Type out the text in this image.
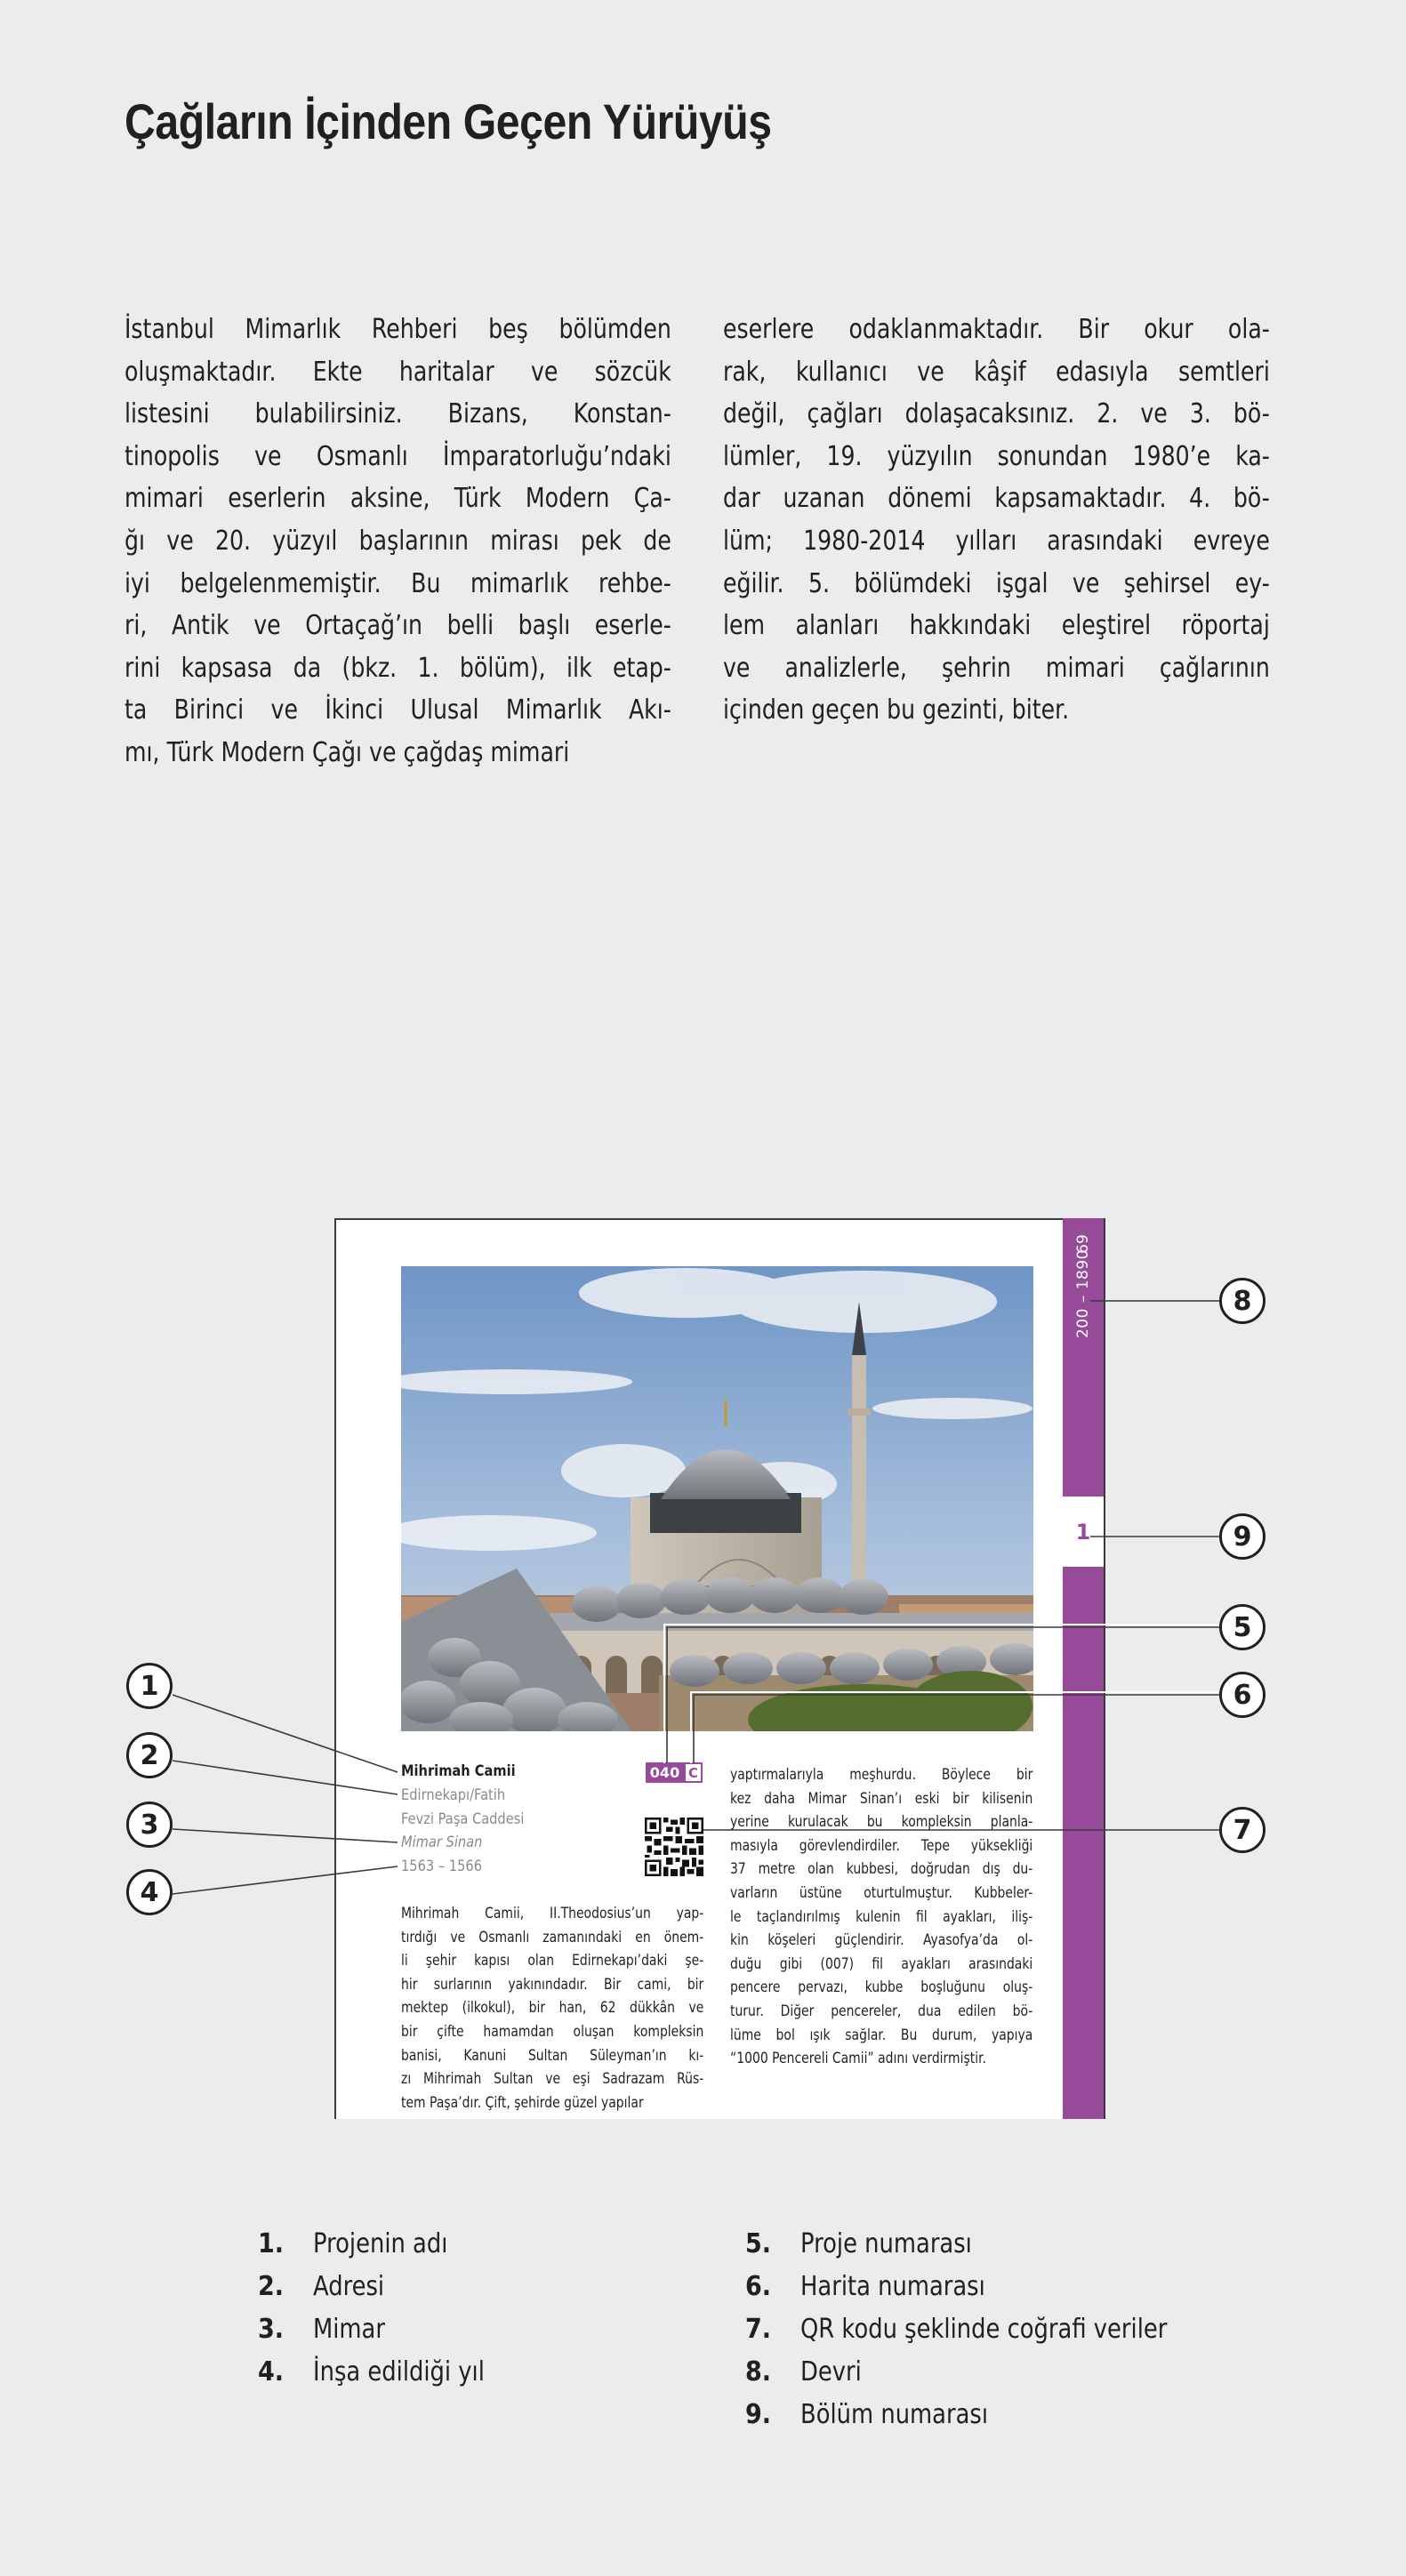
Çağların İçinden Geçen Yürüyüş
İstanbul Mimarlık Rehberi beş bölümden
oluşmaktadır. Ekte haritalar ve sözcük
listesini bulabilirsiniz. Bizans, Konstan-
tinopolis ve Osmanlı İmparatorluğu’ndaki
mimari eserlerin aksine, Türk Modern Ça-
ğı ve 20. yüzyıl başlarının mirası pek de
iyi belgelenmemiştir. Bu mimarlık rehbe-
ri, Antik ve Ortaçağ’ın belli başlı eserle-
rini kapsasa da (bkz. 1. bölüm), ilk etap-
ta Birinci ve İkinci Ulusal Mimarlık Akı-
mı, Türk Modern Çağı ve çağdaş mimari
eserlere odaklanmaktadır. Bir okur ola-
rak, kullanıcı ve kâşif edasıyla semtleri
değil, çağları dolaşacaksınız. 2. ve 3. bö-
lümler, 19. yüzyılın sonundan 1980’e ka-
dar uzanan dönemi kapsamaktadır. 4. bö-
lüm; 1980-2014 yılları arasındaki evreye
eğilir. 5. bölümdeki işgal ve şehirsel ey-
lem alanları hakkındaki eleştirel röportaj
ve analizlerle, şehrin mimari çağlarının
içinden geçen bu gezinti, biter.
69
200 – 1890
1
Mihrimah Camii
Edirnekapı/Fatih
Fevzi Paşa Caddesi
Mimar Sinan
1563 – 1566
040 C
Mihrimah Camii, II.Theodosius’un yap-
tırdığı ve Osmanlı zamanındaki en önem-
li şehir kapısı olan Edirnekapı’daki şe-
hir surlarının yakınındadır. Bir cami, bir
mektep (ilkokul), bir han, 62 dükkân ve
bir çifte hamamdan oluşan kompleksin
banisi, Kanuni Sultan Süleyman’ın kı-
zı Mihrimah Sultan ve eşi Sadrazam Rüs-
tem Paşa’dır. Çift, şehirde güzel yapılar
yaptırmalarıyla meşhurdu. Böylece bir
kez daha Mimar Sinan’ı eski bir kilisenin
yerine kurulacak bu kompleksin planla-
masıyla görevlendirdiler. Tepe yüksekliği
37 metre olan kubbesi, doğrudan dış du-
varların üstüne oturtulmuştur. Kubbeler-
le taçlandırılmış kulenin fil ayakları, iliş-
kin köşeleri güçlendirir. Ayasofya’da ol-
duğu gibi (007) fil ayakları arasındaki
pencere pervazı, kubbe boşluğunu oluş-
turur. Diğer pencereler, dua edilen bö-
lüme bol ışık sağlar. Bu durum, yapıya
“1000 Pencereli Camii” adını verdirmiştir.
1
2
3
4
5
6
7
8
9
1.	Projenin adı
2.	Adresi
3.	Mimar
4.	İnşa edildiği yıl
5.	Proje numarası
6.	Harita numarası
7.	QR kodu şeklinde coğrafi veriler
8.	Devri
9.	Bölüm numarası
